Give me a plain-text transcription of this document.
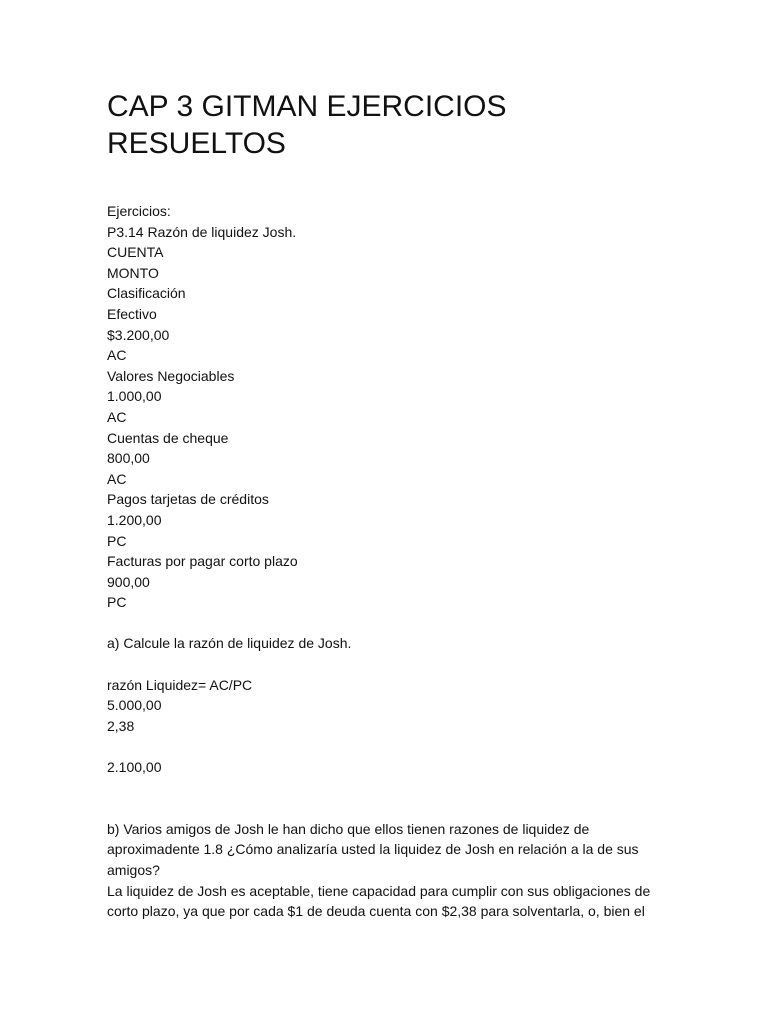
CAP 3 GITMAN EJERCICIOS
RESUELTOS
Ejercicios:
P3.14 Razón de liquidez Josh.
CUENTA
MONTO
Clasificación
Efectivo
$3.200,00
AC
Valores Negociables
1.000,00
AC
Cuentas de cheque
800,00
AC
Pagos tarjetas de créditos
1.200,00
PC
Facturas por pagar corto plazo
900,00
PC
a) Calcule la razón de liquidez de Josh.
razón Liquidez= AC/PC
5.000,00
2,38
2.100,00
b) Varios amigos de Josh le han dicho que ellos tienen razones de liquidez de
aproximadente 1.8 ¿Cómo analizaría usted la liquidez de Josh en relación a la de sus
amigos?
La liquidez de Josh es aceptable, tiene capacidad para cumplir con sus obligaciones de
corto plazo, ya que por cada $1 de deuda cuenta con $2,38 para solventarla, o, bien el
